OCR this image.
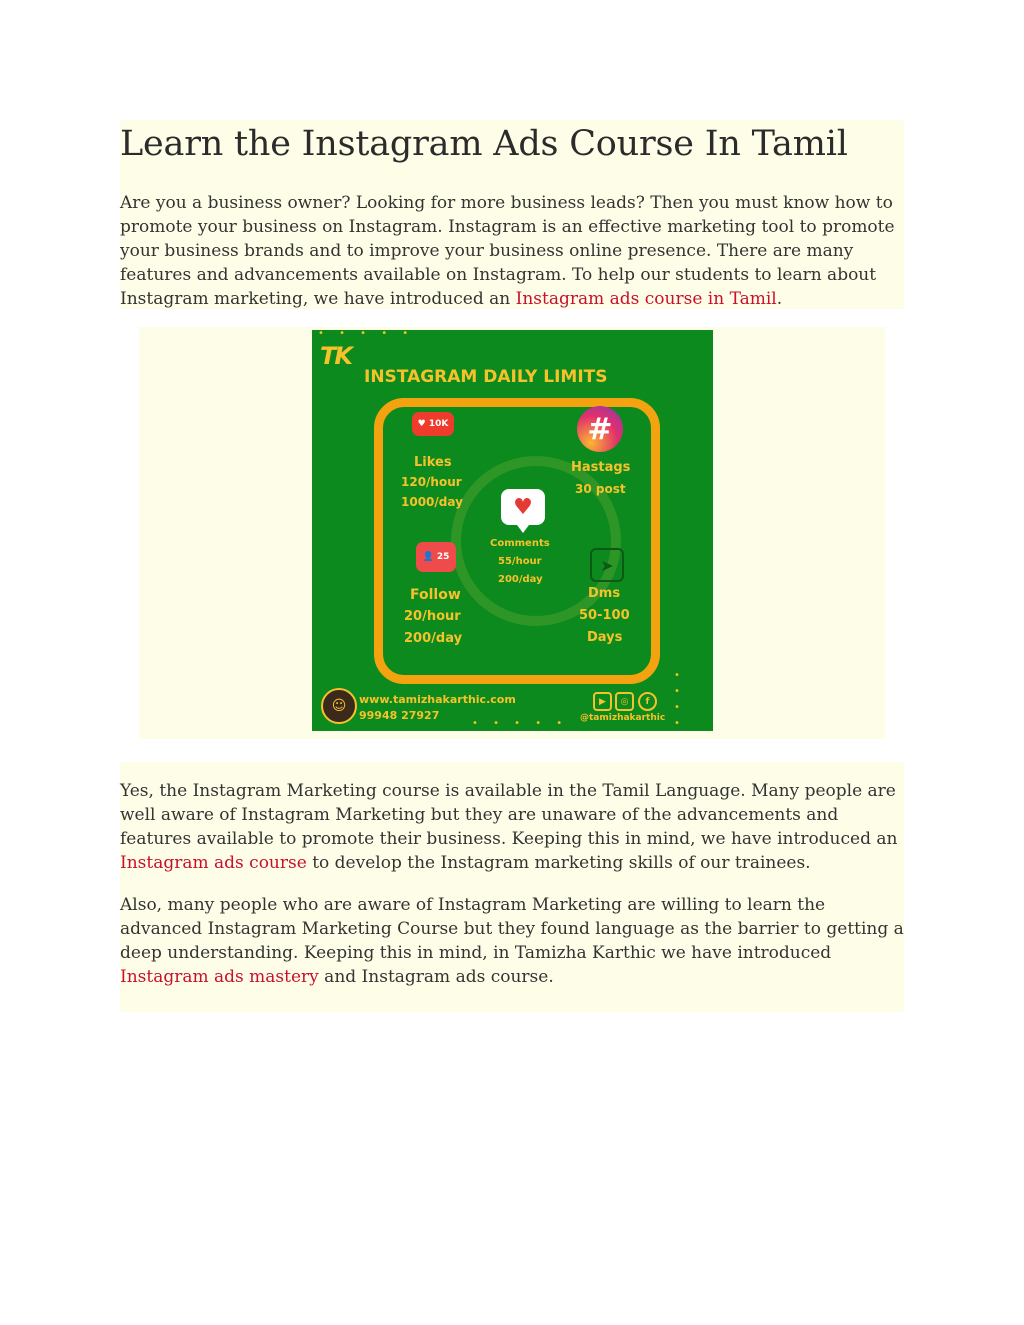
Learn the Instagram Ads Course In Tamil

Are you a business owner? Looking for more business leads? Then you must know how to promote your business on Instagram. Instagram is an effective marketing tool to promote your business brands and to improve your business online presence. There are many features and advancements available on Instagram. To help our students to learn about Instagram marketing, we have introduced an Instagram ads course in Tamil.

• • • • •
TK
INSTAGRAM DAILY LIMITS
♥ 10K
Likes
120/hour
1000/day
#
Hastags
30 post
♥
Comments
55/hour
200/day
👤 25
Follow
20/hour
200/day
➤
Dms
50-100
Days
☺	www.tamizhakarthic.com
99948 27927
▶	◎	f
@tamizhakarthic
• • • •
• • • • •

Yes, the Instagram Marketing course is available in the Tamil Language. Many people are well aware of Instagram Marketing but they are unaware of the advancements and features available to promote their business. Keeping this in mind, we have introduced an Instagram ads course to develop the Instagram marketing skills of our trainees.

Also, many people who are aware of Instagram Marketing are willing to learn the advanced Instagram Marketing Course but they found language as the barrier to getting a deep understanding. Keeping this in mind, in Tamizha Karthic we have introduced Instagram ads mastery and Instagram ads course.
